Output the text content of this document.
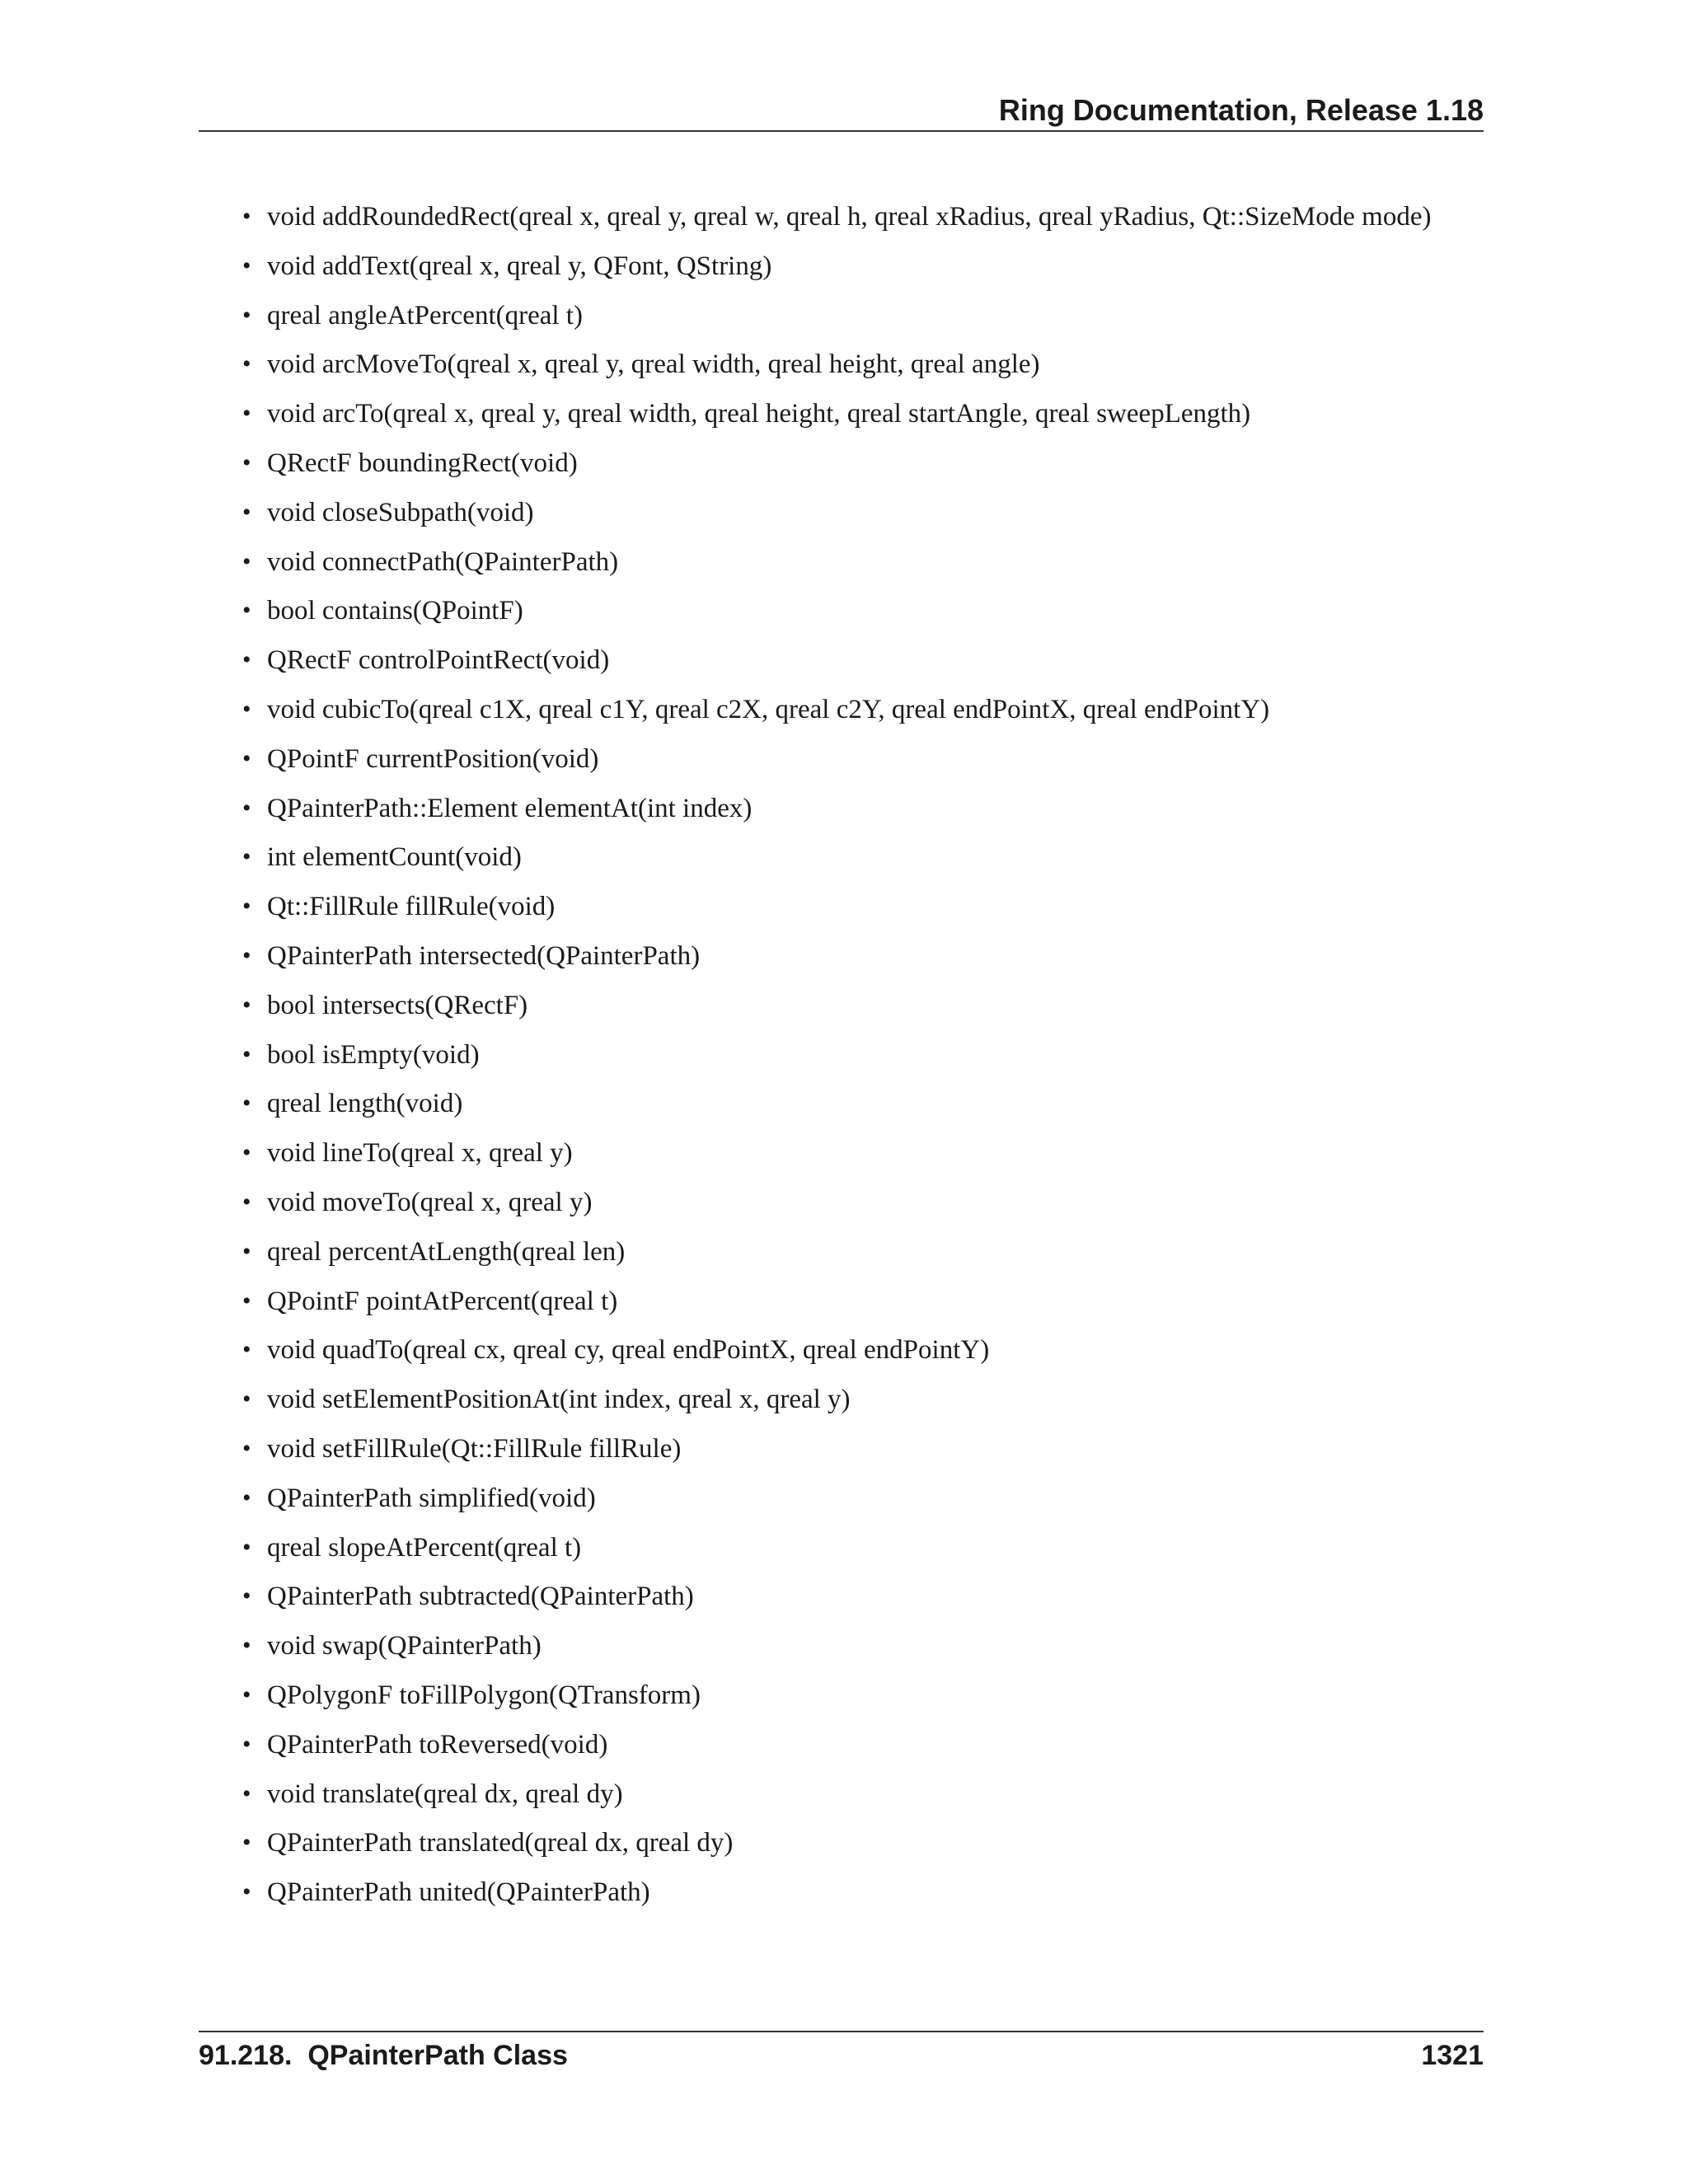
Ring Documentation, Release 1.18
• void addRoundedRect(qreal x, qreal y, qreal w, qreal h, qreal xRadius, qreal yRadius, Qt::SizeMode mode)
• void addText(qreal x, qreal y, QFont, QString)
• qreal angleAtPercent(qreal t)
• void arcMoveTo(qreal x, qreal y, qreal width, qreal height, qreal angle)
• void arcTo(qreal x, qreal y, qreal width, qreal height, qreal startAngle, qreal sweepLength)
• QRectF boundingRect(void)
• void closeSubpath(void)
• void connectPath(QPainterPath)
• bool contains(QPointF)
• QRectF controlPointRect(void)
• void cubicTo(qreal c1X, qreal c1Y, qreal c2X, qreal c2Y, qreal endPointX, qreal endPointY)
• QPointF currentPosition(void)
• QPainterPath::Element elementAt(int index)
• int elementCount(void)
• Qt::FillRule fillRule(void)
• QPainterPath intersected(QPainterPath)
• bool intersects(QRectF)
• bool isEmpty(void)
• qreal length(void)
• void lineTo(qreal x, qreal y)
• void moveTo(qreal x, qreal y)
• qreal percentAtLength(qreal len)
• QPointF pointAtPercent(qreal t)
• void quadTo(qreal cx, qreal cy, qreal endPointX, qreal endPointY)
• void setElementPositionAt(int index, qreal x, qreal y)
• void setFillRule(Qt::FillRule fillRule)
• QPainterPath simplified(void)
• qreal slopeAtPercent(qreal t)
• QPainterPath subtracted(QPainterPath)
• void swap(QPainterPath)
• QPolygonF toFillPolygon(QTransform)
• QPainterPath toReversed(void)
• void translate(qreal dx, qreal dy)
• QPainterPath translated(qreal dx, qreal dy)
• QPainterPath united(QPainterPath)
91.218.  QPainterPath Class	1321
